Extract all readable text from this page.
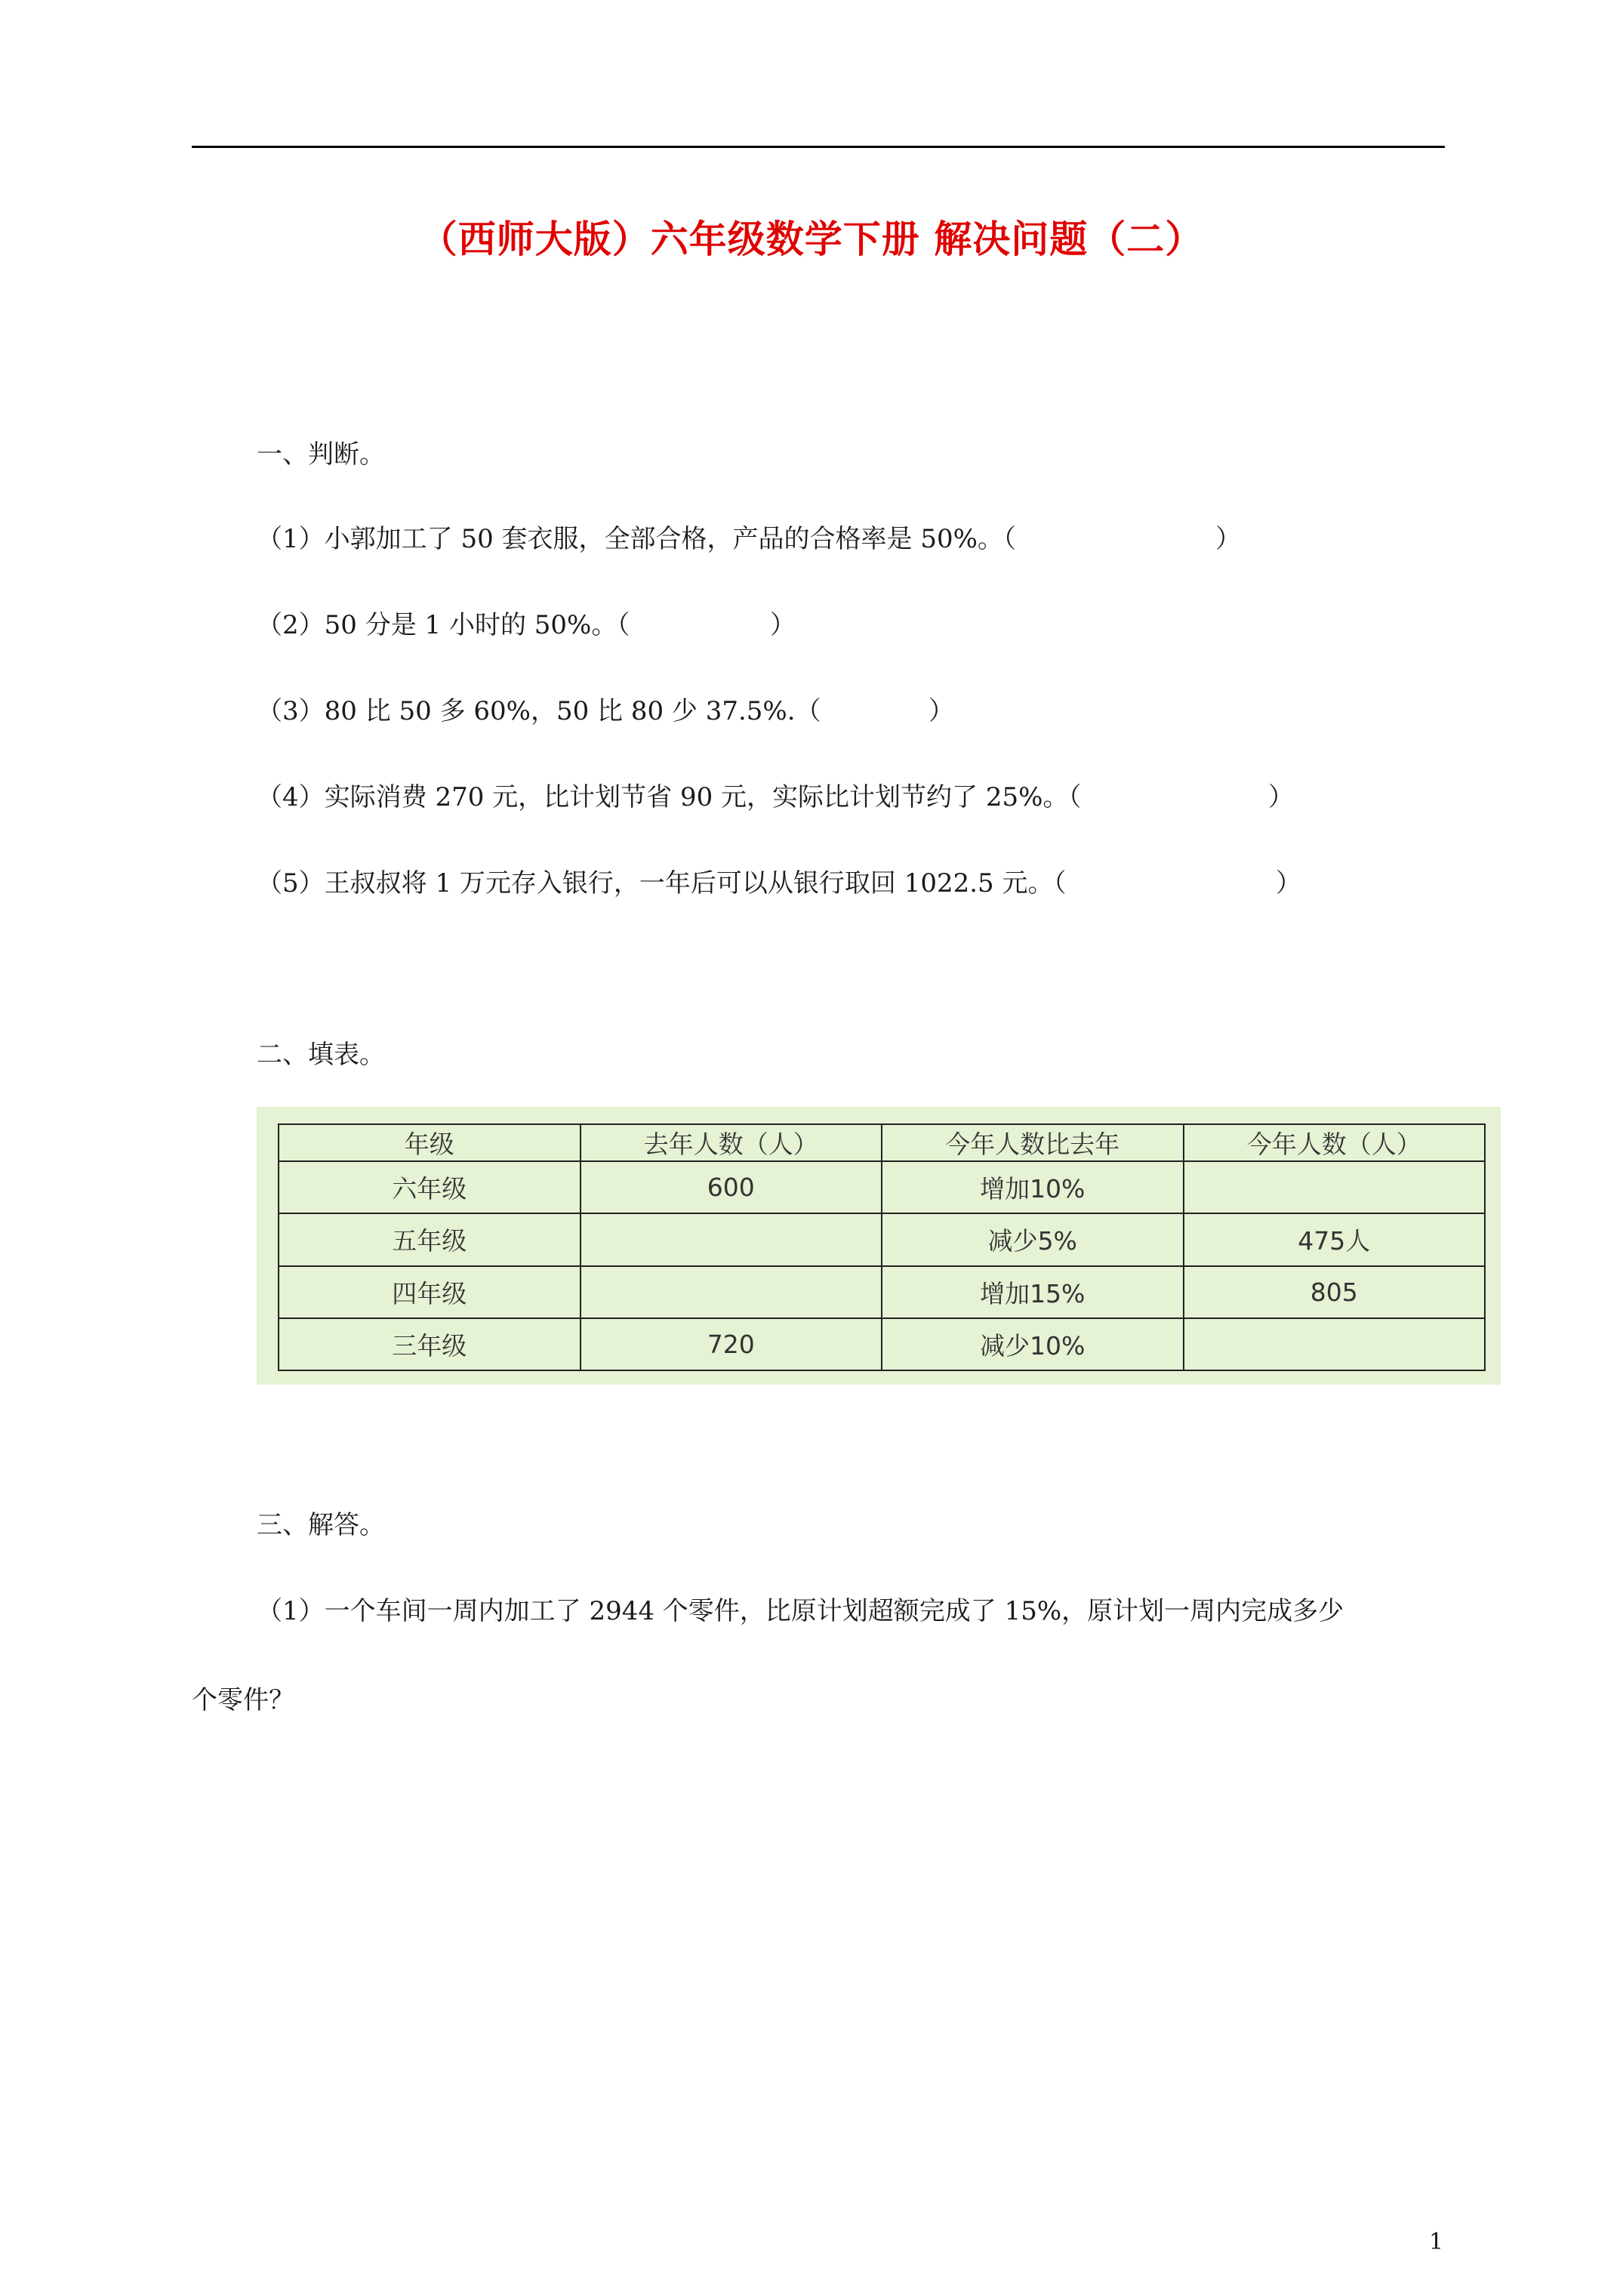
（西师大版）六年级数学下册 解决问题（二）
一、判断。
（1）小郭加工了 50 套衣服，全部合格，产品的合格率是 50%。（	）
（2）50 分是 1 小时的 50%。（	）
（3）80 比 50 多 60%，50 比 80 少 37.5%.（	）
（4）实际消费 270 元，比计划节省 90 元，实际比计划节约了 25%。（	）
（5）王叔叔将 1 万元存入银行，一年后可以从银行取回 1022.5 元。（	）
二、填表。
年级	去年人数（人）	今年人数比去年	今年人数（人）
六年级	600	增加10%	
五年级		减少5%	475人
四年级		增加15%	805
三年级	720	减少10%	
三、解答。
（1）一个车间一周内加工了 2944 个零件，比原计划超额完成了 15%，原计划一周内完成多少
个零件？
1
